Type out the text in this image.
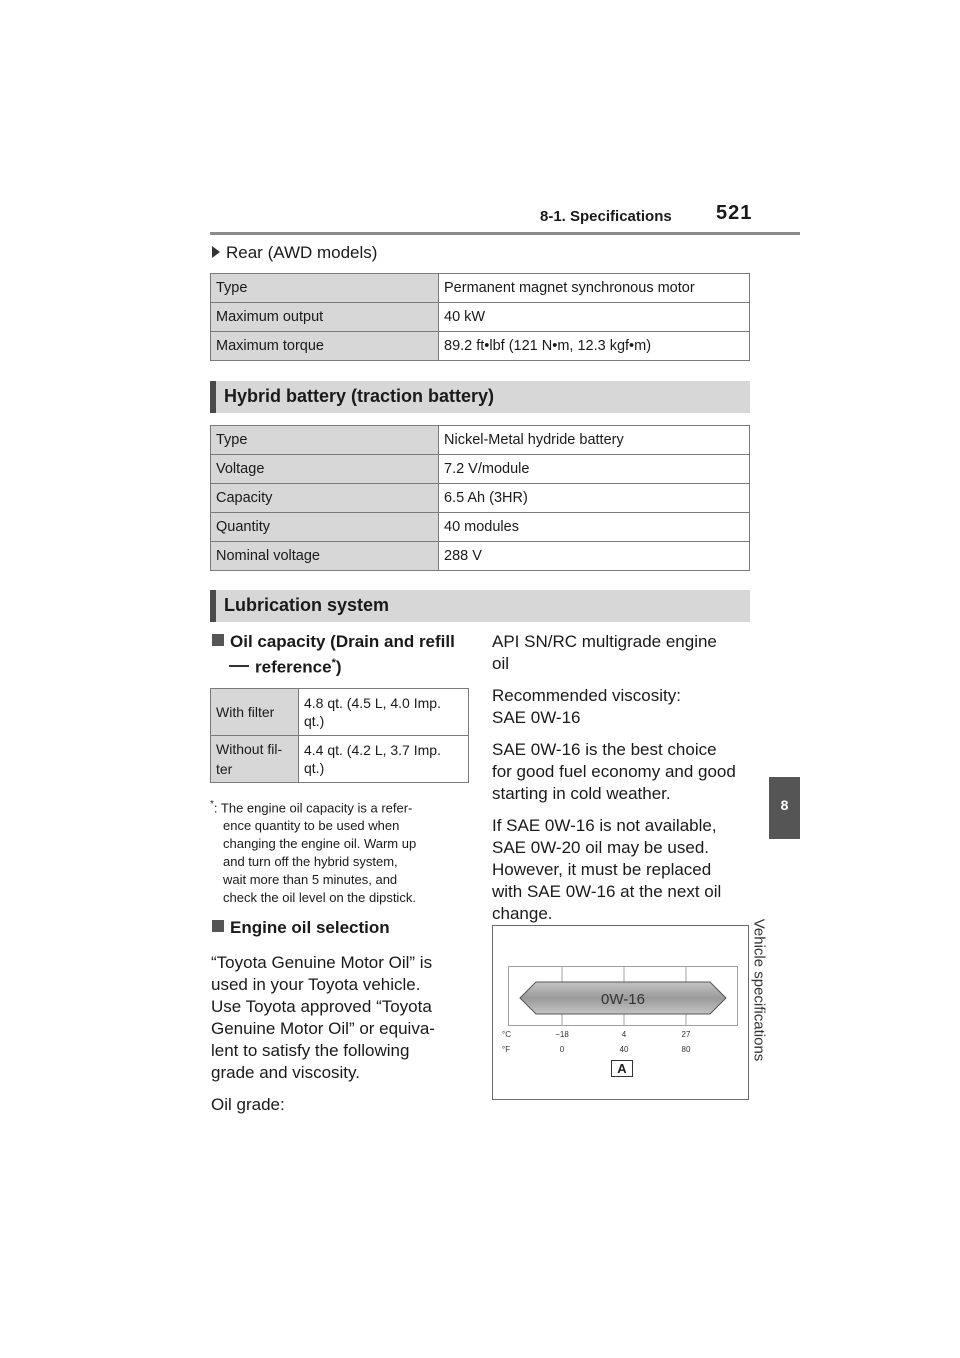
8-1. Specifications 521
8
Vehicle specifications
Rear (AWD models)
Type	Permanent magnet synchronous motor
Maximum output	40 kW
Maximum torque	89.2 ft•lbf (121 N•m, 12.3 kgf•m)
Hybrid battery (traction battery)
Type	Nickel-Metal hydride battery
Voltage	7.2 V/module
Capacity	6.5 Ah (3HR)
Quantity	40 modules
Nominal voltage	288 V
Lubrication system
Oil capacity (Drain and refill
reference*)
With filter	4.8 qt. (4.5 L, 4.0 Imp.
qt.)
Without fil-
ter	4.4 qt. (4.2 L, 3.7 Imp.
qt.)
*: The engine oil capacity is a refer-
ence quantity to be used when
changing the engine oil. Warm up
and turn off the hybrid system,
wait more than 5 minutes, and
check the oil level on the dipstick.
Engine oil selection
“Toyota Genuine Motor Oil” is
used in your Toyota vehicle.
Use Toyota approved “Toyota
Genuine Motor Oil” or equiva-
lent to satisfy the following
grade and viscosity.
Oil grade:
API SN/RC multigrade engine
oil
Recommended viscosity:
SAE 0W-16
SAE 0W-16 is the best choice
for good fuel economy and good
starting in cold weather.
If SAE 0W-16 is not available,
SAE 0W-20 oil may be used.
However, it must be replaced
with SAE 0W-16 at the next oil
change.
0W-16
°C	−18	4	27
°F	0	40	80
A
